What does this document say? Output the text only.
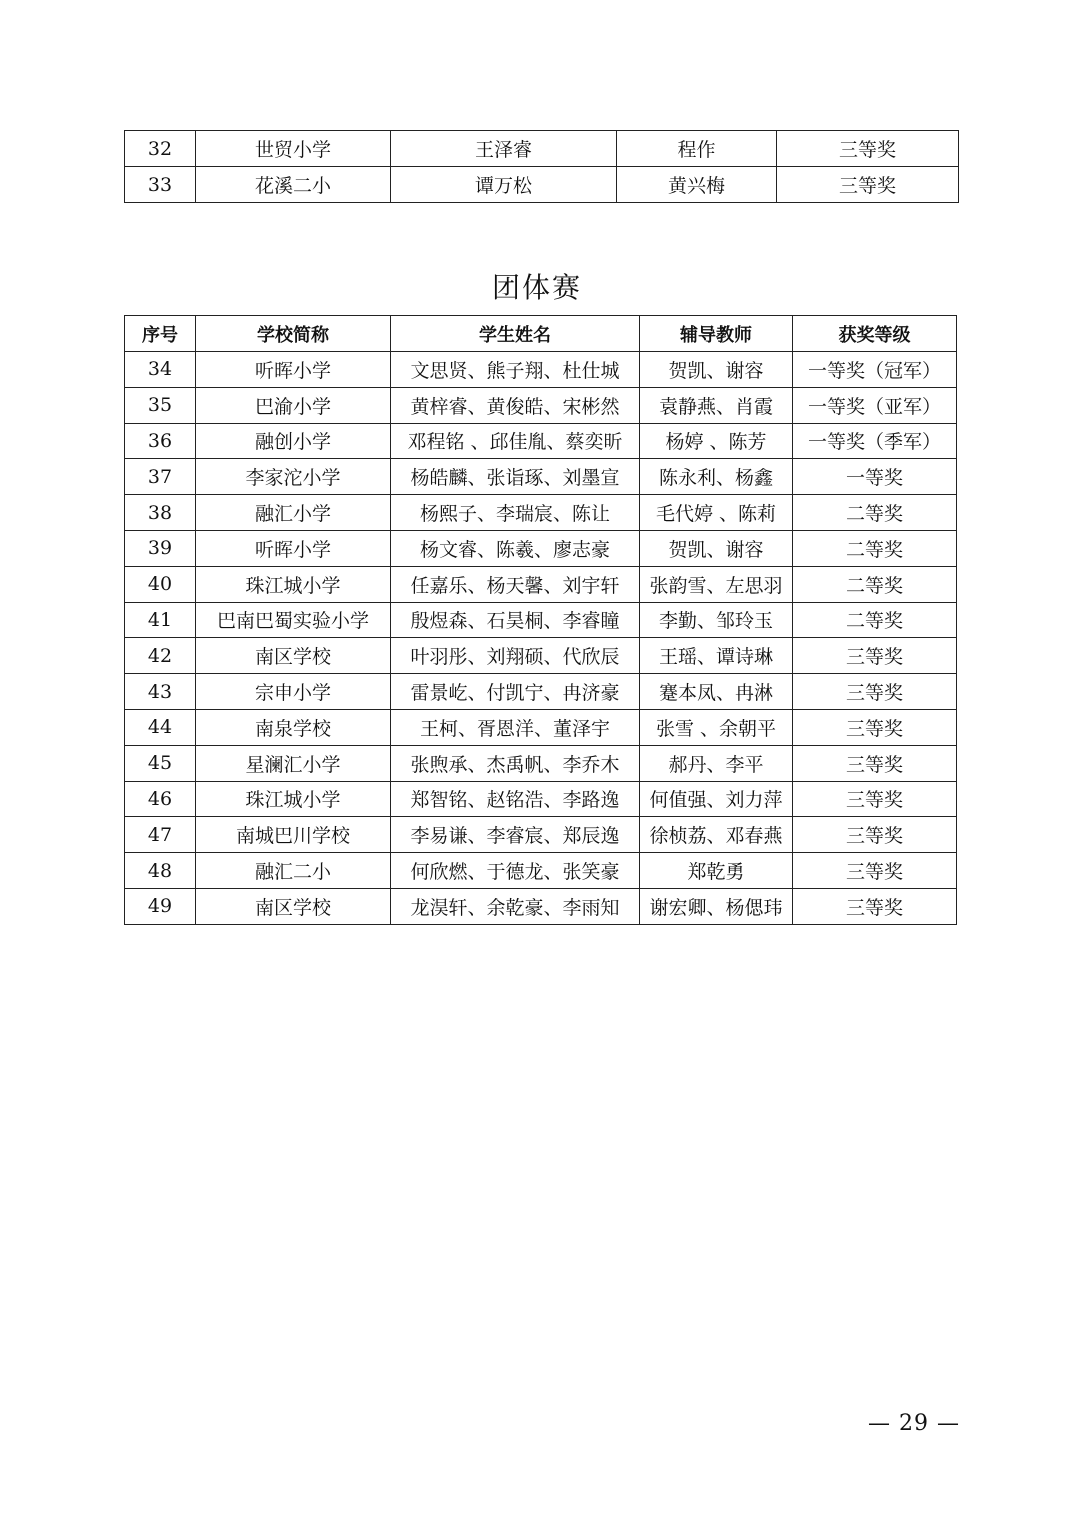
32	世贸小学	王泽睿	程作	三等奖
33	花溪二小	谭万松	黄兴梅	三等奖
团体赛
序号	学校简称	学生姓名	辅导教师	获奖等级
34	听晖小学	文思贤、熊子翔、杜仕城	贺凯、谢容	一等奖（冠军）
35	巴渝小学	黄梓睿、黄俊皓、宋彬然	袁静燕、肖霞	一等奖（亚军）
36	融创小学	邓程铭 、邱佳胤、蔡奕昕	杨婷 、陈芳	一等奖（季军）
37	李家沱小学	杨皓麟、张诣琢、刘墨宣	陈永利、杨鑫	一等奖
38	融汇小学	杨熙子、李瑞宸、陈让	毛代婷 、陈莉	二等奖
39	听晖小学	杨文睿、陈羲、廖志豪	贺凯、谢容	二等奖
40	珠江城小学	任嘉乐、杨天馨、刘宇轩	张韵雪、左思羽	二等奖
41	巴南巴蜀实验小学	殷煜森、石昊桐、李睿瞳	李勤、邹玲玉	二等奖
42	南区学校	叶羽彤、刘翔硕、代欣辰	王瑶、谭诗琳	三等奖
43	宗申小学	雷景屹、付凯宁、冉济豪	蹇本凤、冉淋	三等奖
44	南泉学校	王柯、胥恩洋、董泽宇	张雪 、余朝平	三等奖
45	星澜汇小学	张煦承、杰禹帆、李乔木	郝丹、李平	三等奖
46	珠江城小学	郑智铭、赵铭浩、李路逸	何值强、刘力萍	三等奖
47	南城巴川学校	李易谦、李睿宸、郑辰逸	徐桢荔、邓春燕	三等奖
48	融汇二小	何欣燃、于德龙、张笑豪	郑乾勇	三等奖
49	南区学校	龙淏轩、余乾豪、李雨知	谢宏卿、杨偲玮	三等奖
— 29 —
